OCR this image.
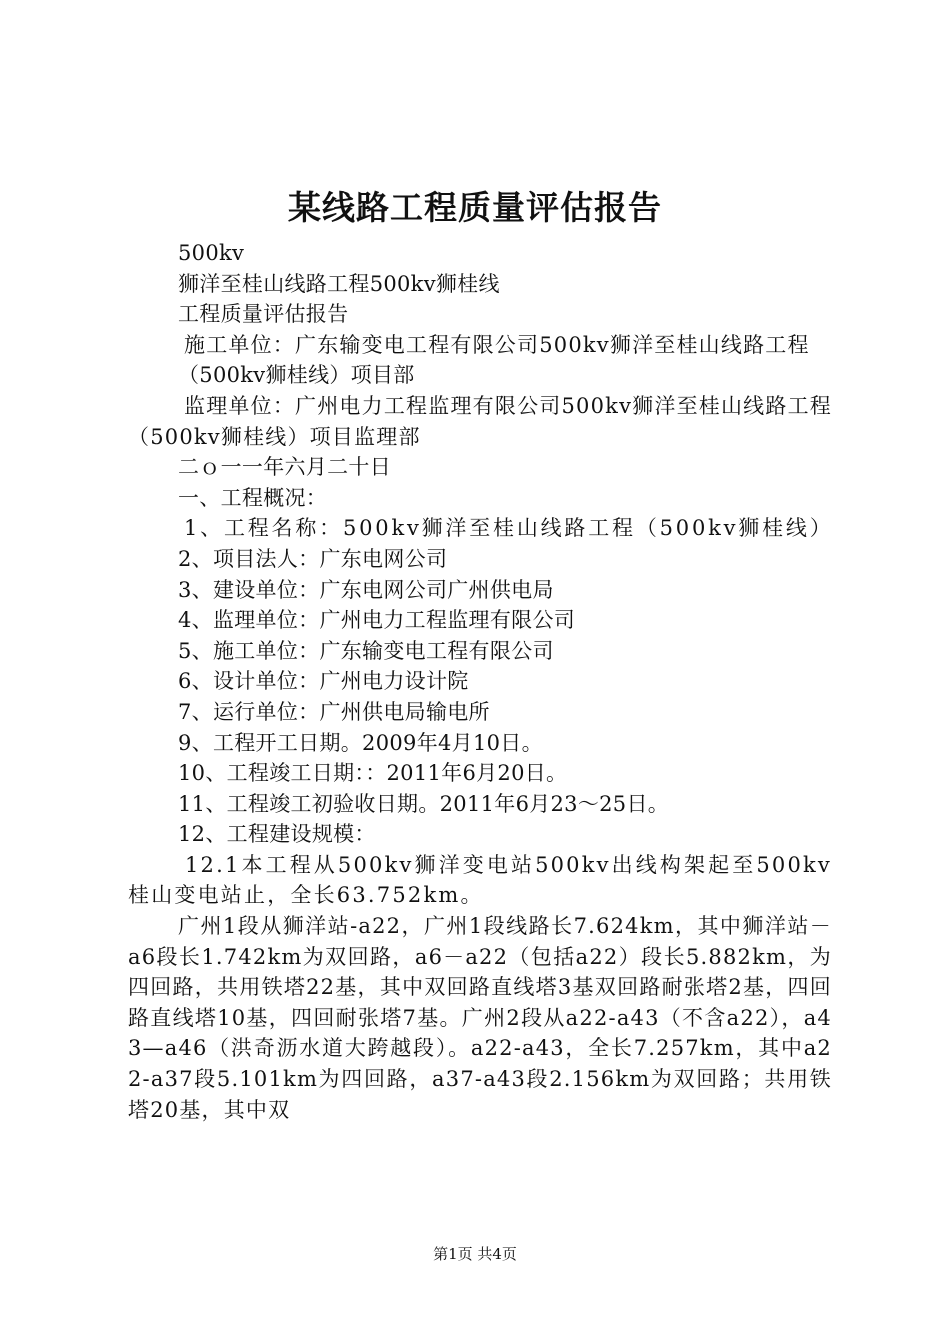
某线路工程质量评估报告

500kv

狮洋至桂山线路工程500kv狮桂线

工程质量评估报告

施工单位：广东输变电工程有限公司500kv狮洋至桂山线路工程

（500kv狮桂线）项目部

监理单位：广州电力工程监理有限公司500kv狮洋至桂山线路工程（500kv狮桂线）项目监理部

二ｏ一一年六月二十日

一、工程概况：

1、工程名称：500kv狮洋至桂山线路工程（500kv狮桂线）

2、项目法人：广东电网公司

3、建设单位：广东电网公司广州供电局

4、监理单位：广州电力工程监理有限公司

5、施工单位：广东输变电工程有限公司

6、设计单位：广州电力设计院

7、运行单位：广州供电局输电所

9、工程开工日期。2009年4月10日。

10、工程竣工日期：：2011年6月20日。

11、工程竣工初验收日期。2011年6月23～25日。

12、工程建设规模：

12.1本工程从500kv狮洋变电站500kv出线构架起至500kv桂山变电站止，全长63.752km。

广州1段从狮洋站-a22，广州1段线路长7.624km，其中狮洋站－a6段长1.742km为双回路，a6－a22（包括a22）段长5.882km，为四回路，共用铁塔22基，其中双回路直线塔3基双回路耐张塔2基，四回路直线塔10基，四回耐张塔7基。广州2段从a22-a43（不含a22），a43—a46（洪奇沥水道大跨越段）。a22-a43，全长7.257km，其中a22-a37段5.101km为四回路，a37-a43段2.156km为双回路；共用铁塔20基，其中双

第1页 共4页
